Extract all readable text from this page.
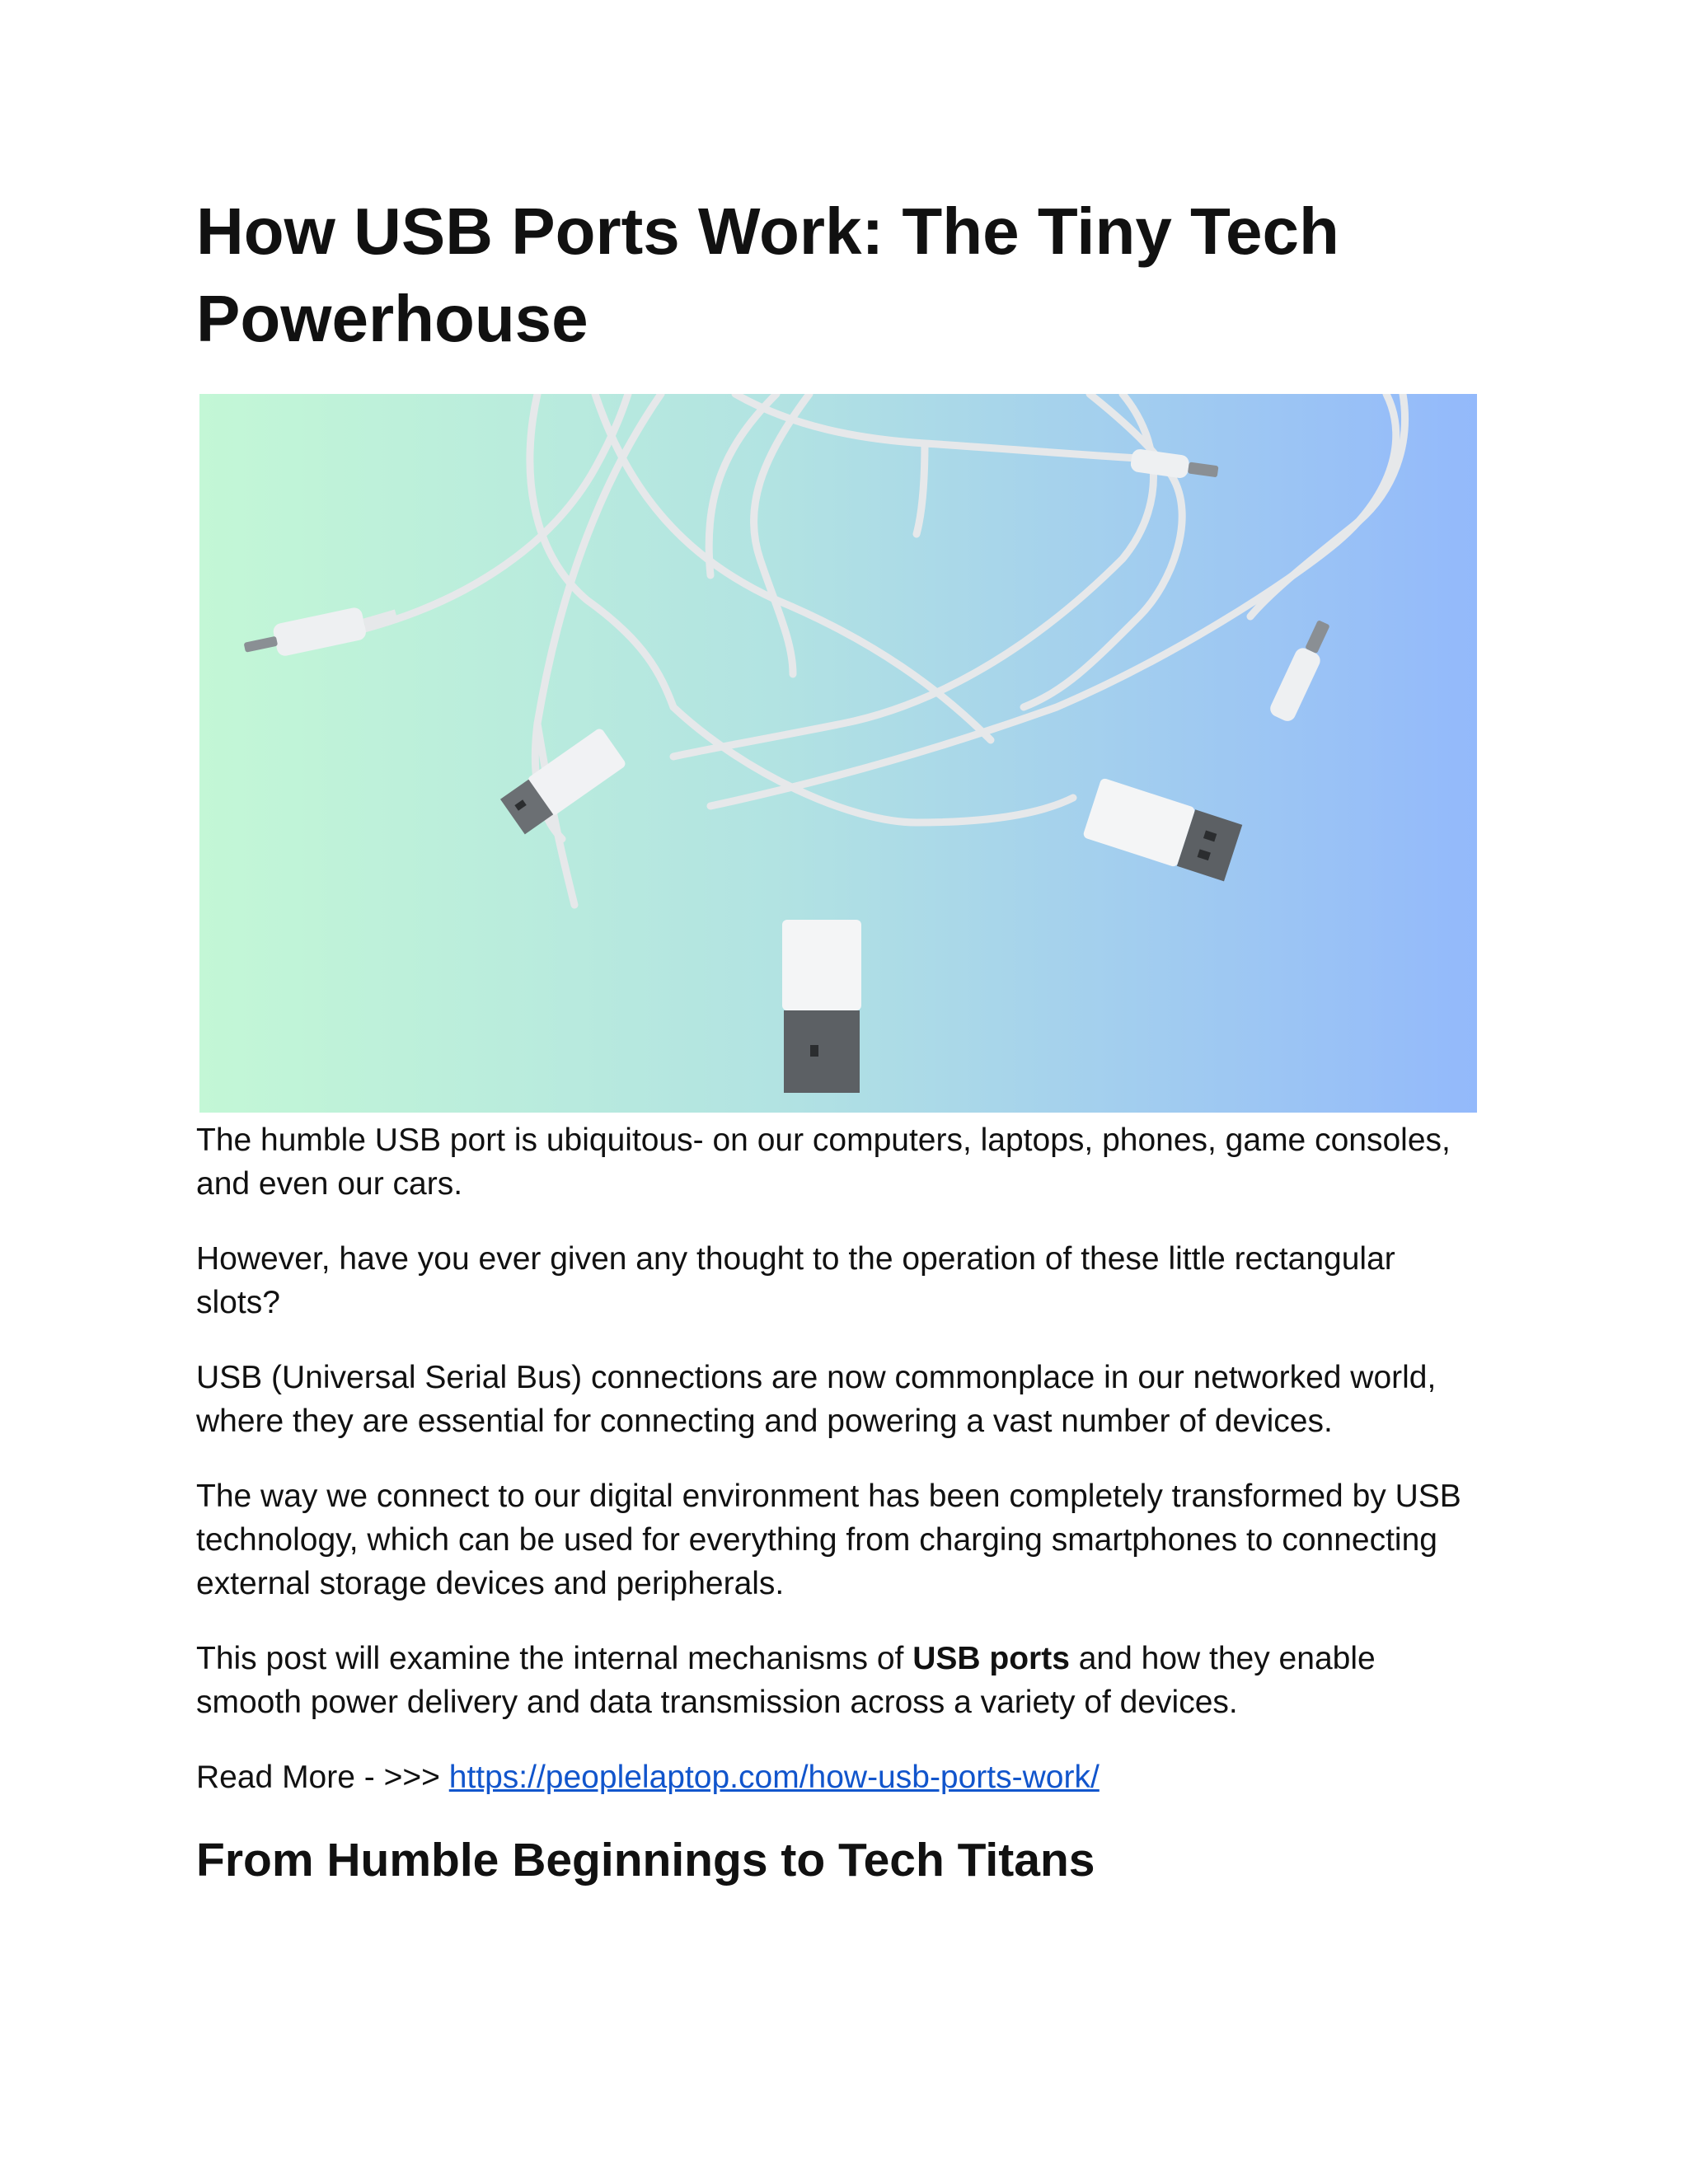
How USB Ports Work: The Tiny Tech Powerhouse

The humble USB port is ubiquitous- on our computers, laptops, phones, game consoles, and even our cars.

However, have you ever given any thought to the operation of these little rectangular slots?

USB (Universal Serial Bus) connections are now commonplace in our networked world, where they are essential for connecting and powering a vast number of devices.

The way we connect to our digital environment has been completely transformed by USB technology, which can be used for everything from charging smartphones to connecting external storage devices and peripherals.

This post will examine the internal mechanisms of USB ports and how they enable smooth power delivery and data transmission across a variety of devices.

Read More - >>> https://peoplelaptop.com/how-usb-ports-work/

From Humble Beginnings to Tech Titans
